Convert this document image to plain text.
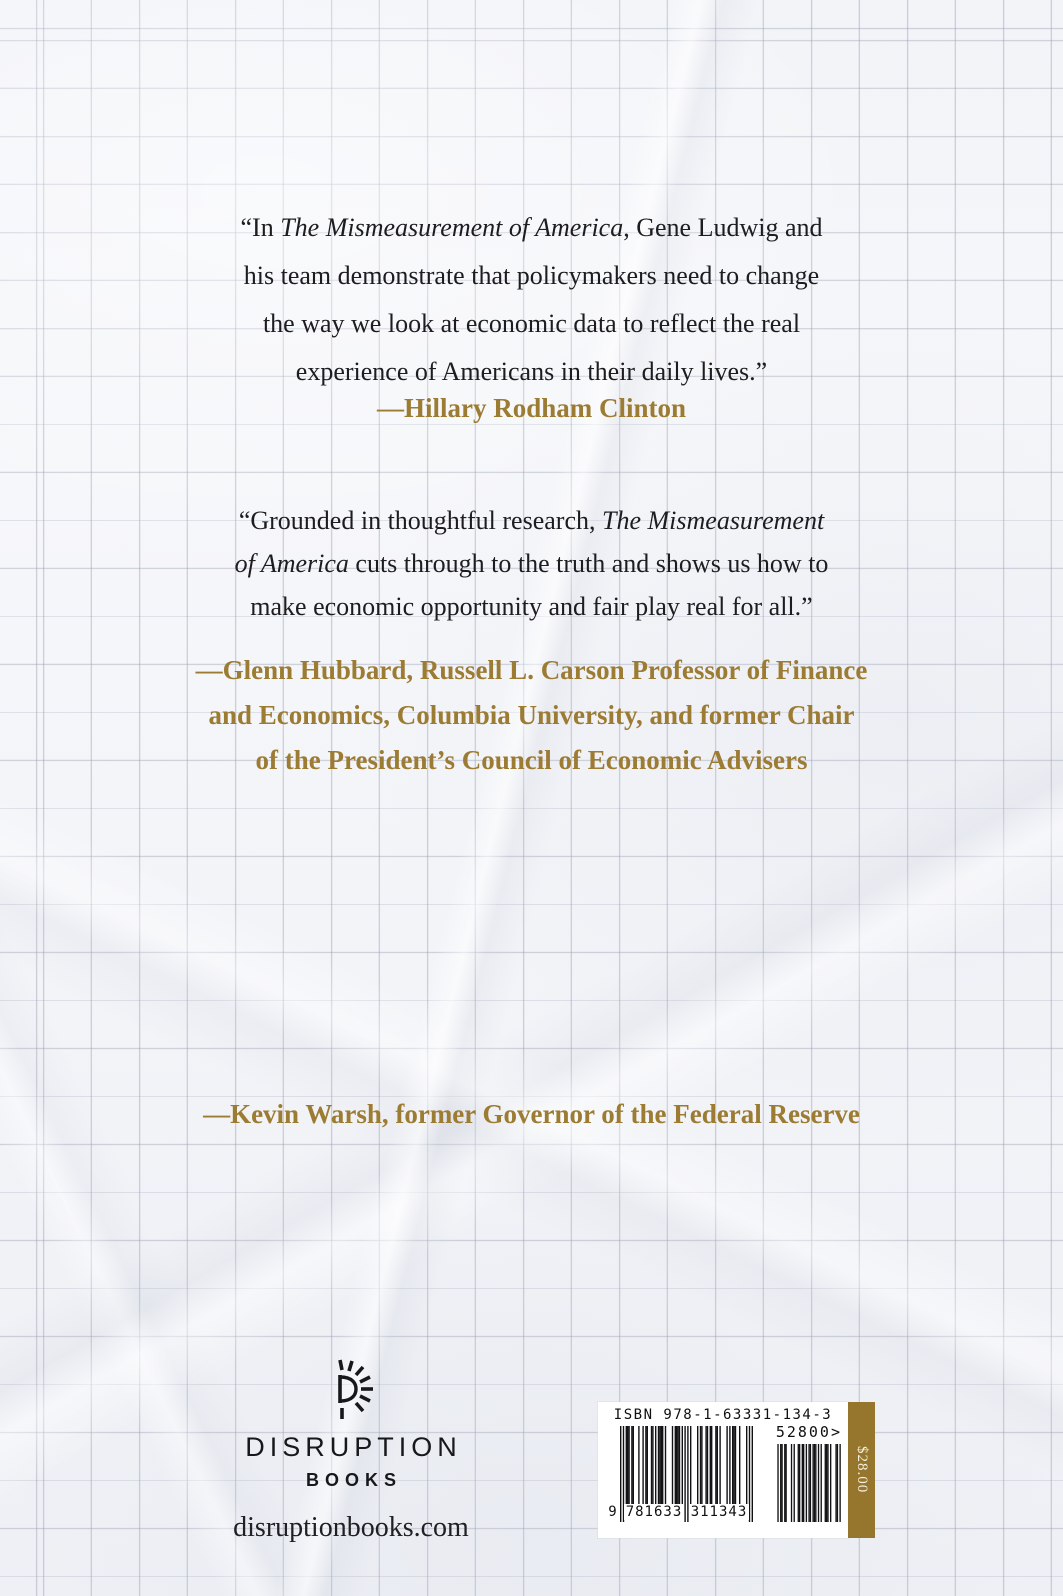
“In The Mismeasurement of America, Gene Ludwig and
his team demonstrate that policymakers need to change
the way we look at economic data to reflect the real
experience of Americans in their daily lives.”
—Hillary Rodham Clinton
“Grounded in thoughtful research, The Mismeasurement
of America cuts through to the truth and shows us how to
make economic opportunity and fair play real for all.”
—Glenn Hubbard, Russell L. Carson Professor of Finance
and Economics, Columbia University, and former Chair
of the President’s Council of Economic Advisers
—Kevin Warsh, former Governor of the Federal Reserve
DISRUPTION
BOOKS
disruptionbooks.com
ISBN 978-1-63331-134-3
9 781633 311343
52800>
$28.00
